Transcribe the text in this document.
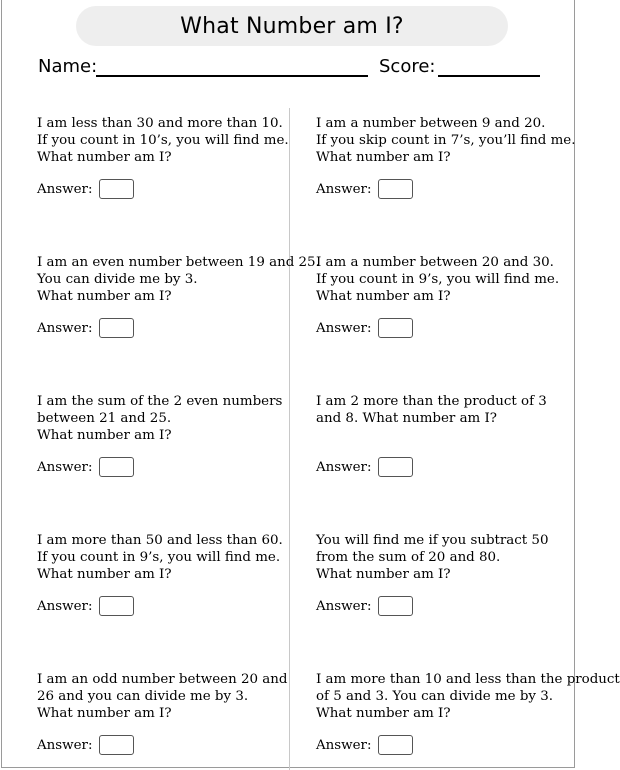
What Number am I?
Name:	Score:
I am less than 30 and more than 10.
If you count in 10’s, you will find me.
What number am I?
Answer:
I am a number between 9 and 20.
If you skip count in 7’s, you’ll find me.
What number am I?
Answer:
I am an even number between 19 and 25.
You can divide me by 3.
What number am I?
Answer:
I am a number between 20 and 30.
If you count in 9’s, you will find me.
What number am I?
Answer:
I am the sum of the 2 even numbers
between 21 and 25.
What number am I?
Answer:
I am 2 more than the product of 3
and 8. What number am I?
Answer:
I am more than 50 and less than 60.
If you count in 9’s, you will find me.
What number am I?
Answer:
You will find me if you subtract 50
from the sum of 20 and 80.
What number am I?
Answer:
I am an odd number between 20 and
26 and you can divide me by 3.
What number am I?
Answer:
I am more than 10 and less than the product
of 5 and 3. You can divide me by 3.
What number am I?
Answer:
